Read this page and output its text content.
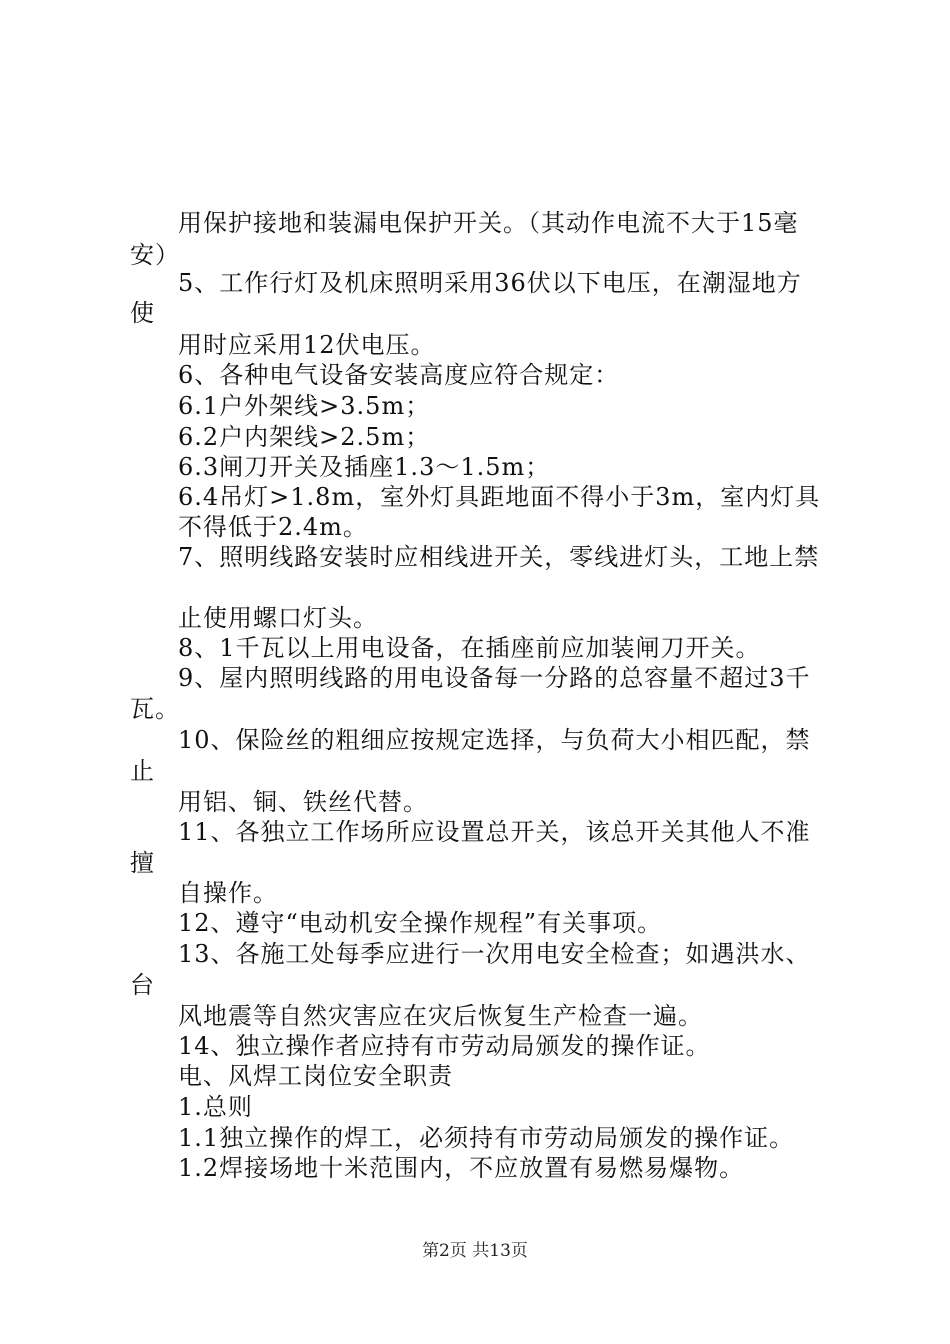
用保护接地和装漏电保护开关。（其动作电流不大于15毫
安）
5、工作行灯及机床照明采用36伏以下电压，在潮湿地方
使
用时应采用12伏电压。
6、各种电气设备安装高度应符合规定：
6.1户外架线>3.5m；
6.2户内架线>2.5m；
6.3闸刀开关及插座1.3～1.5m；
6.4吊灯>1.8m，室外灯具距地面不得小于3m，室内灯具
不得低于2.4m。
7、照明线路安装时应相线进开关，零线进灯头，工地上禁
止使用螺口灯头。
8、1千瓦以上用电设备，在插座前应加装闸刀开关。
9、屋内照明线路的用电设备每一分路的总容量不超过3千
瓦。
10、保险丝的粗细应按规定选择，与负荷大小相匹配，禁
止
用铝、铜、铁丝代替。
11、各独立工作场所应设置总开关，该总开关其他人不准
擅
自操作。
12、遵守“电动机安全操作规程”有关事项。
13、各施工处每季应进行一次用电安全检查；如遇洪水、
台
风地震等自然灾害应在灾后恢复生产检查一遍。
14、独立操作者应持有市劳动局颁发的操作证。
电、风焊工岗位安全职责
1.总则
1.1独立操作的焊工，必须持有市劳动局颁发的操作证。
1.2焊接场地十米范围内，不应放置有易燃易爆物。
第2页 共13页
